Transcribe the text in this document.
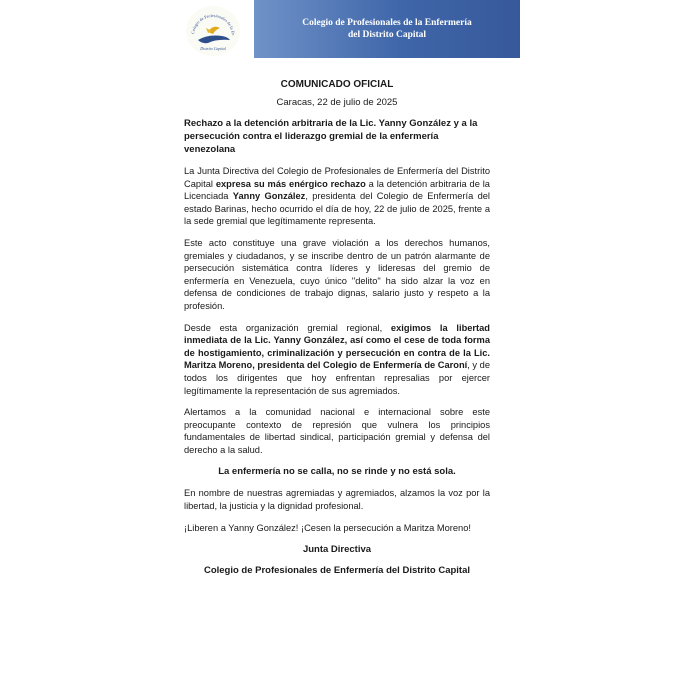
Colegio de Profesionales de la En
Distrito Capital
Colegio de Profesionales de la Enfermería
del Distrito Capital
COMUNICADO OFICIAL
Caracas, 22 de julio de 2025
Rechazo a la detención arbitraria de la Lic. Yanny González y a la persecución contra el liderazgo gremial de la enfermería venezolana

La Junta Directiva del Colegio de Profesionales de Enfermería del Distrito Capital expresa su más enérgico rechazo a la detención arbitraria de la Licenciada Yanny González, presidenta del Colegio de Enfermería del estado Barinas, hecho ocurrido el día de hoy, 22 de julio de 2025, frente a la sede gremial que legítimamente representa.

Este acto constituye una grave violación a los derechos humanos, gremiales y ciudadanos, y se inscribe dentro de un patrón alarmante de persecución sistemática contra líderes y lideresas del gremio de enfermería en Venezuela, cuyo único "delito" ha sido alzar la voz en defensa de condiciones de trabajo dignas, salario justo y respeto a la profesión.

Desde esta organización gremial regional, exigimos la libertad inmediata de la Lic. Yanny González, así como el cese de toda forma de hostigamiento, criminalización y persecución en contra de la Lic. Maritza Moreno, presidenta del Colegio de Enfermería de Caroní, y de todos los dirigentes que hoy enfrentan represalias por ejercer legítimamente la representación de sus agremiados.

Alertamos a la comunidad nacional e internacional sobre este preocupante contexto de represión que vulnera los principios fundamentales de libertad sindical, participación gremial y defensa del derecho a la salud.

La enfermería no se calla, no se rinde y no está sola.

En nombre de nuestras agremiadas y agremiados, alzamos la voz por la libertad, la justicia y la dignidad profesional.

¡Liberen a Yanny González! ¡Cesen la persecución a Maritza Moreno!

Junta Directiva
Colegio de Profesionales de Enfermería del Distrito Capital
